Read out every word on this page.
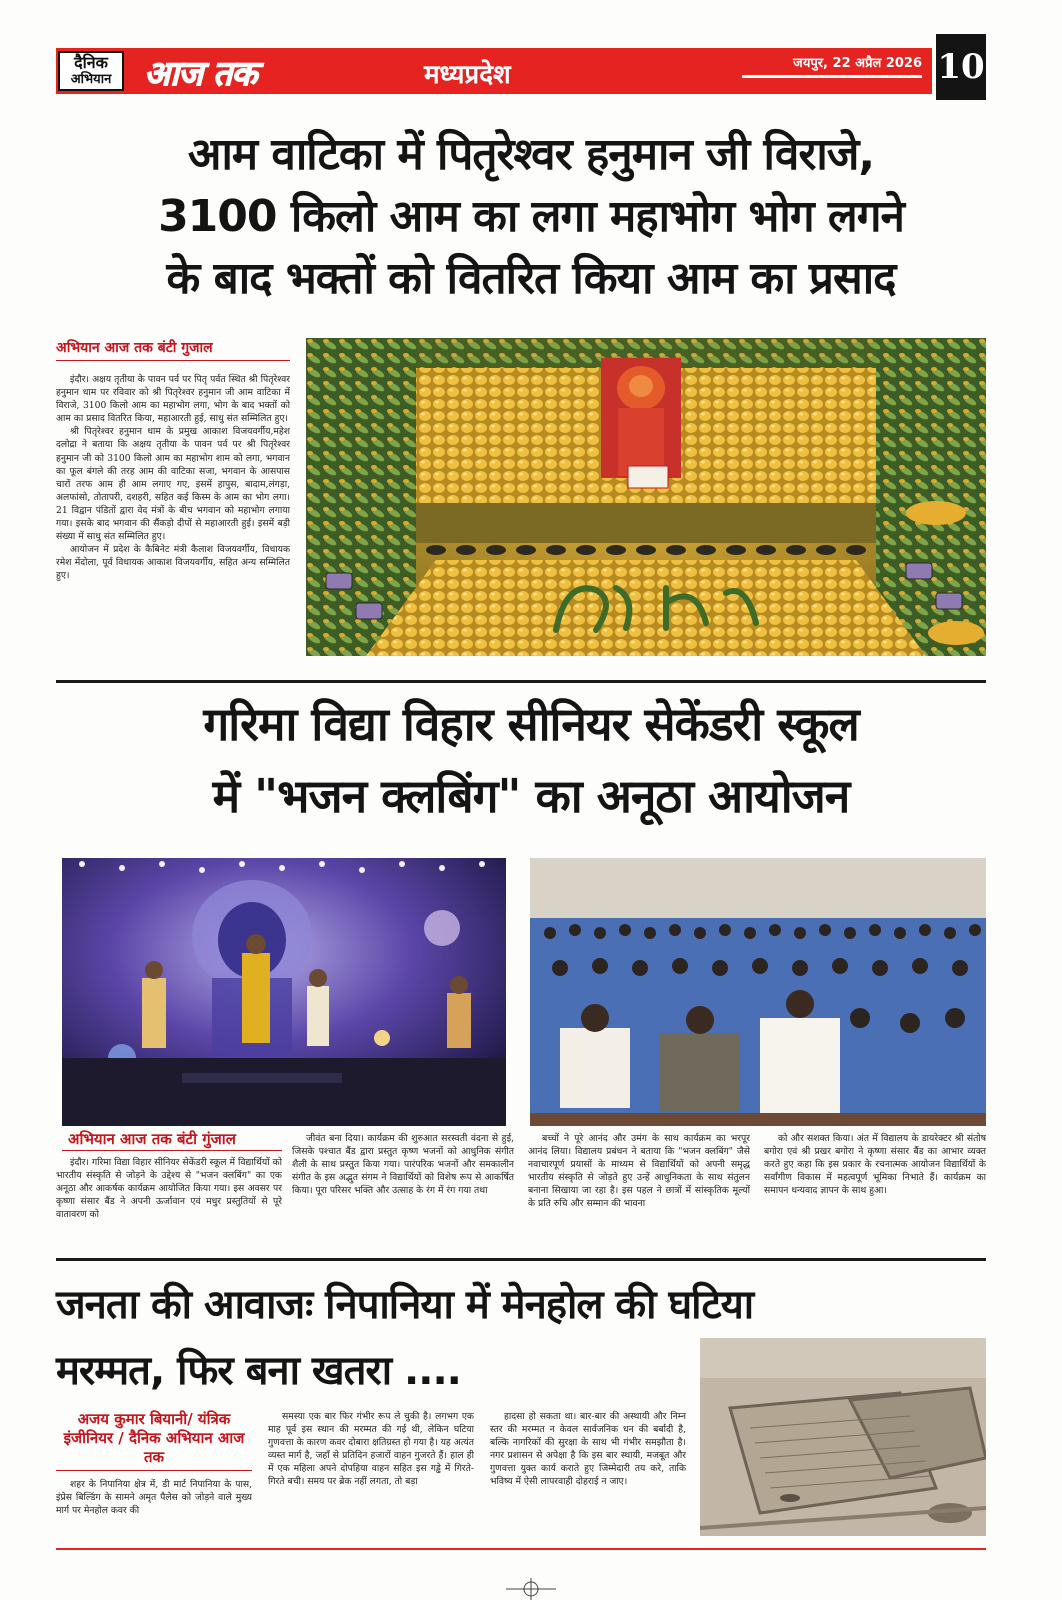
दैनिक
अभियान आज तक	मध्यप्रदेश	जयपुर, 22 अप्रैल 2026 10
आम वाटिका में पितृरेश्वर हनुमान जी विराजे,
3100 किलो आम का लगा महाभोग भोग लगने
के बाद भक्तों को वितरित किया आम का प्रसाद
अभियान आज तक बंटी गुजाल

इंदौर। अक्षय तृतीया के पावन पर्व पर पितृ पर्वत स्थित श्री पितृरेश्वर हनुमान धाम पर रविवार को श्री पितृरेश्वर हनुमान जी आम वाटिका में विराजे, 3100 किलो आम का महाभोग लगा, भोग के बाद भक्तों को आम का प्रसाद वितरित किया, महाआरती हुई, साधु संत सम्मिलित हुए।

श्री पितृरेश्वर हनुमान धाम के प्रमुख आकाश विजयवर्गीय,महेश दलोद्रा ने बताया कि अक्षय तृतीया के पावन पर्व पर श्री पितृरेश्वर हनुमान जी को 3100 किलो आम का महाभोग शाम को लगा, भगवान का फूल बंगले की तरह आम की वाटिका सजा, भगवान के आसपास चारों तरफ आम ही आम लगाए गए, इसमें हापुस, बादाम,लंगड़ा, अलफांसो, तोतापरी, दशहरी, सहित कई किस्म के आम का भोग लगा। 21 विद्वान पंडितों द्वारा वेद मंत्रों के बीच भगवान को महाभोग लगाया गया। इसके बाद भगवान की सैंकड़ो दीपों से महाआरती हुई। इसमें बड़ी संख्या में साधु संत सम्मिलित हुए।

आयोजन में प्रदेश के कैबिनेट मंत्री कैलाश विजयवर्गीय, विधायक रमेश मेंदोला, पूर्व विधायक आकाश विजयवर्गीय, सहित अन्य सम्मिलित हुए।

गरिमा विद्या विहार सीनियर सेकेंडरी स्कूल
में "भजन क्लबिंग" का अनूठा आयोजन
अभियान आज तक बंटी गुंजाल

इंदौर। गरिमा विद्या विहार सीनियर सेकेंडरी स्कूल में विद्यार्थियों को भारतीय संस्कृति से जोड़ने के उद्देश्य से "भजन क्लबिंग" का एक अनूठा और आकर्षक कार्यक्रम आयोजित किया गया। इस अवसर पर कृष्णा संसार बैंड ने अपनी ऊर्जावान एवं मधुर प्रस्तुतियों से पूरे वातावरण को

जीवंत बना दिया। कार्यक्रम की शुरुआत सरस्वती वंदना से हुई, जिसके पश्चात बैंड द्वारा प्रस्तुत कृष्ण भजनों को आधुनिक संगीत शैली के साथ प्रस्तुत किया गया। पारंपरिक भजनों और समकालीन संगीत के इस अद्भुत संगम ने विद्यार्थियों को विशेष रूप से आकर्षित किया। पूरा परिसर भक्ति और उत्साह के रंग में रंग गया तथा

बच्चों ने पूरे आनंद और उमंग के साथ कार्यक्रम का भरपूर आनंद लिया। विद्यालय प्रबंधन ने बताया कि "भजन क्लबिंग" जैसे नवाचारपूर्ण प्रयासों के माध्यम से विद्यार्थियों को अपनी समृद्ध भारतीय संस्कृति से जोड़ते हुए उन्हें आधुनिकता के साथ संतुलन बनाना सिखाया जा रहा है। इस पहल ने छात्रों में सांस्कृतिक मूल्यों के प्रति रुचि और सम्मान की भावना

को और सशक्त किया। अंत में विद्यालय के डायरेक्टर श्री संतोष बगोरा एवं श्री प्रखर बगोरा ने कृष्णा संसार बैंड का आभार व्यक्त करते हुए कहा कि इस प्रकार के रचनात्मक आयोजन विद्यार्थियों के सर्वांगीण विकास में महत्वपूर्ण भूमिका निभाते हैं। कार्यक्रम का समापन धन्यवाद ज्ञापन के साथ हुआ।

जनता की आवाजः निपानिया में मेनहोल की घटिया
मरम्मत, फिर बना खतरा ....
अजय कुमार बियानी/ यंत्रिक इंजीनियर / दैनिक अभियान आज तक

शहर के निपानिया क्षेत्र में, डी मार्ट निपानिया के पास, इंप्रेस बिल्डिंग के सामने अमृत पैलेस को जोड़ने वाले मुख्य मार्ग पर मेनहोल कवर की

समस्या एक बार फिर गंभीर रूप ले चुकी है। लगभग एक माह पूर्व इस स्थान की मरम्मत की गई थी, लेकिन घटिया गुणवत्ता के कारण कवर दोबारा क्षतिग्रस्त हो गया है। यह अत्यंत व्यस्त मार्ग है, जहाँ से प्रतिदिन हजारों वाहन गुजरते हैं। हाल ही में एक महिला अपने दोपहिया वाहन सहित इस गड्ढे में गिरते-गिरते बची। समय पर ब्रेक नहीं लगता, तो बड़ा

हादसा हो सकता था। बार-बार की अस्थायी और निम्न स्तर की मरम्मत न केवल सार्वजनिक धन की बर्बादी है, बल्कि नागरिकों की सुरक्षा के साथ भी गंभीर समझौता है। नगर प्रशासन से अपेक्षा है कि इस बार स्थायी, मजबूत और गुणवत्ता युक्त कार्य कराते हुए जिम्मेदारी तय करे, ताकि भविष्य में ऐसी लापरवाही दोहराई न जाए।
